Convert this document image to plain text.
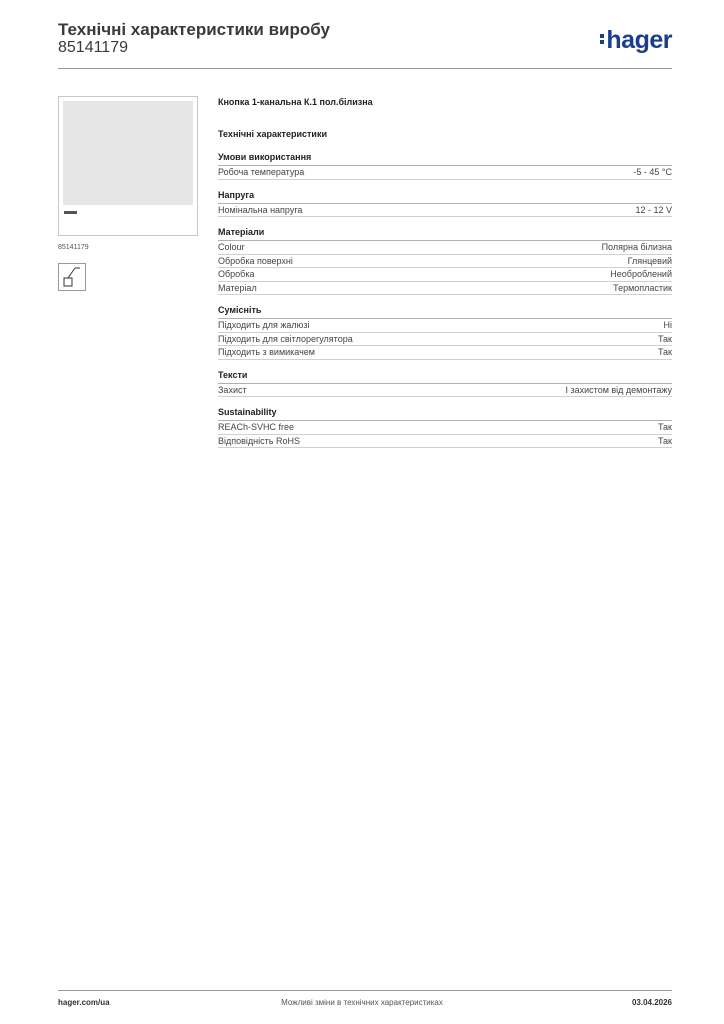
Технічні характеристики виробу
85141179	hager
85141179
Кнопка 1-канальна К.1 пол.білизна
Технічні характеристики
Умови використання
Робоча температура	-5 - 45 °C
Напруга
Номінальна напруга	12 - 12 V
Матеріали
Colour	Полярна білизна
Обробка поверхні	Глянцевий
Обробка	Необроблений
Матеріал	Термопластик
Сумісніть
Підходить для жалюзі	Ні
Підходить для світлорегулятора	Так
Підходить з вимикачем	Так
Тексти
Захист	І захистом від демонтажу
Sustainability
REACh-SVHC free	Так
Відповідність RoHS	Так
hager.com/ua	Можливі зміни в технічних характеристиках	03.04.2026
